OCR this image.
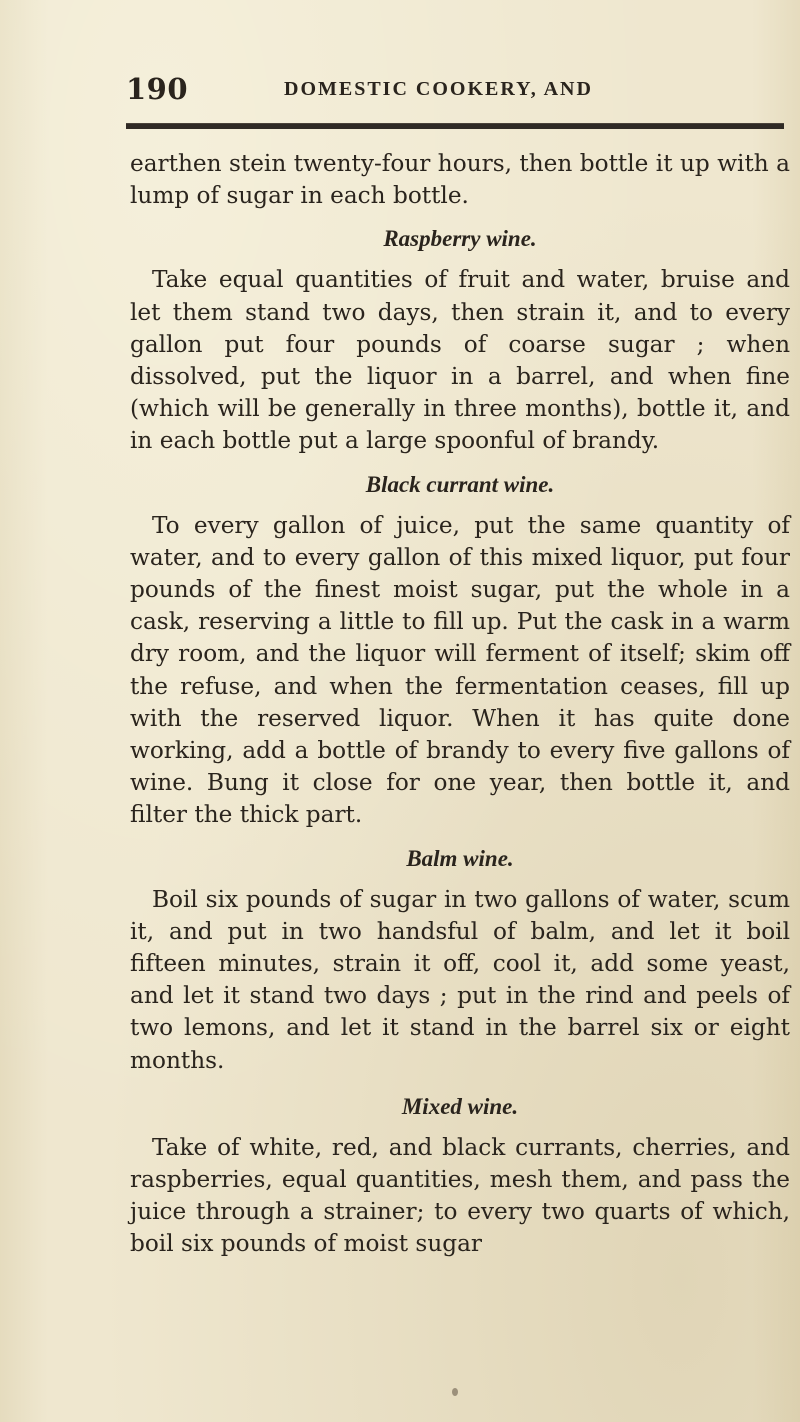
190	DOMESTIC COOKERY, AND

earthen stein twenty-four hours, then bottle it up with a lump of sugar in each bottle.

Raspberry wine.

Take equal quantities of fruit and water, bruise and let them stand two days, then strain it, and to every gallon put four pounds of coarse sugar ; when dissolved, put the liquor in a barrel, and when fine (which will be generally in three months), bottle it, and in each bottle put a large spoonful of brandy.

Black currant wine.

To every gallon of juice, put the same quantity of water, and to every gallon of this mixed liquor, put four pounds of the finest moist sugar, put the whole in a cask, reserving a little to fill up. Put the cask in a warm dry room, and the liquor will ferment of itself; skim off the refuse, and when the fermentation ceases, fill up with the reserved liquor. When it has quite done working, add a bottle of brandy to every five gallons of wine. Bung it close for one year, then bottle it, and filter the thick part.

Balm wine.

Boil six pounds of sugar in two gallons of water, scum it, and put in two handsful of balm, and let it boil fifteen minutes, strain it off, cool it, add some yeast, and let it stand two days ; put in the rind and peels of two lemons, and let it stand in the barrel six or eight months.

Mixed wine.

Take of white, red, and black currants, cherries, and raspberries, equal quantities, mesh them, and pass the juice through a strainer; to every two quarts of which, boil six pounds of moist sugar
